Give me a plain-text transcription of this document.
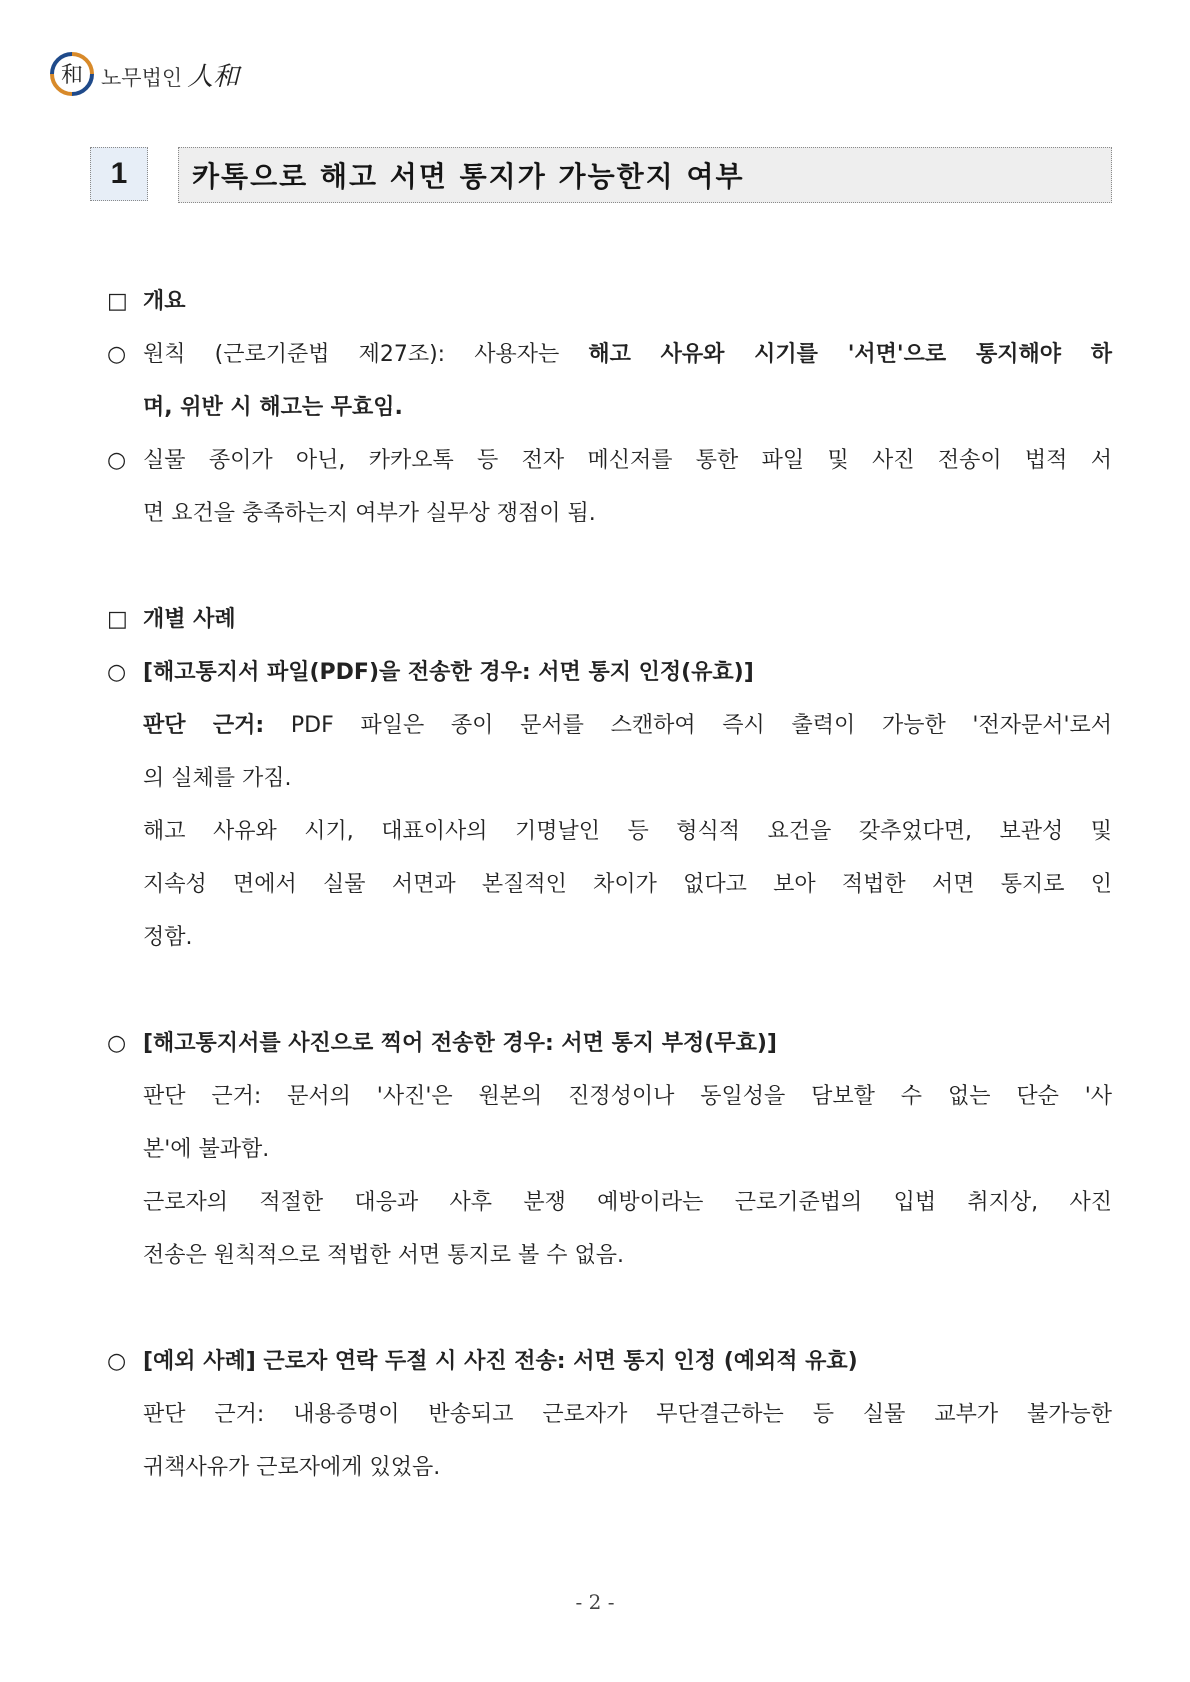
和 노무법인 人和
1	카톡으로 해고 서면 통지가 가능한지 여부
□ 개요
○ 원칙 (근로기준법 제27조): 사용자는 해고 사유와 시기를 '서면'으로 통지해야 하
며, 위반 시 해고는 무효임.
○ 실물 종이가 아닌, 카카오톡 등 전자 메신저를 통한 파일 및 사진 전송이 법적 서
면 요건을 충족하는지 여부가 실무상 쟁점이 됨.
□ 개별 사례
○ [해고통지서 파일(PDF)을 전송한 경우: 서면 통지 인정(유효)]
판단 근거: PDF 파일은 종이 문서를 스캔하여 즉시 출력이 가능한 '전자문서'로서
의 실체를 가짐.
해고 사유와 시기, 대표이사의 기명날인 등 형식적 요건을 갖추었다면, 보관성 및
지속성 면에서 실물 서면과 본질적인 차이가 없다고 보아 적법한 서면 통지로 인
정함.
○ [해고통지서를 사진으로 찍어 전송한 경우: 서면 통지 부정(무효)]
판단 근거: 문서의 '사진'은 원본의 진정성이나 동일성을 담보할 수 없는 단순 '사
본'에 불과함.
근로자의 적절한 대응과 사후 분쟁 예방이라는 근로기준법의 입법 취지상, 사진
전송은 원칙적으로 적법한 서면 통지로 볼 수 없음.
○ [예외 사례] 근로자 연락 두절 시 사진 전송: 서면 통지 인정 (예외적 유효)
판단 근거: 내용증명이 반송되고 근로자가 무단결근하는 등 실물 교부가 불가능한
귀책사유가 근로자에게 있었음.
- 2 -
